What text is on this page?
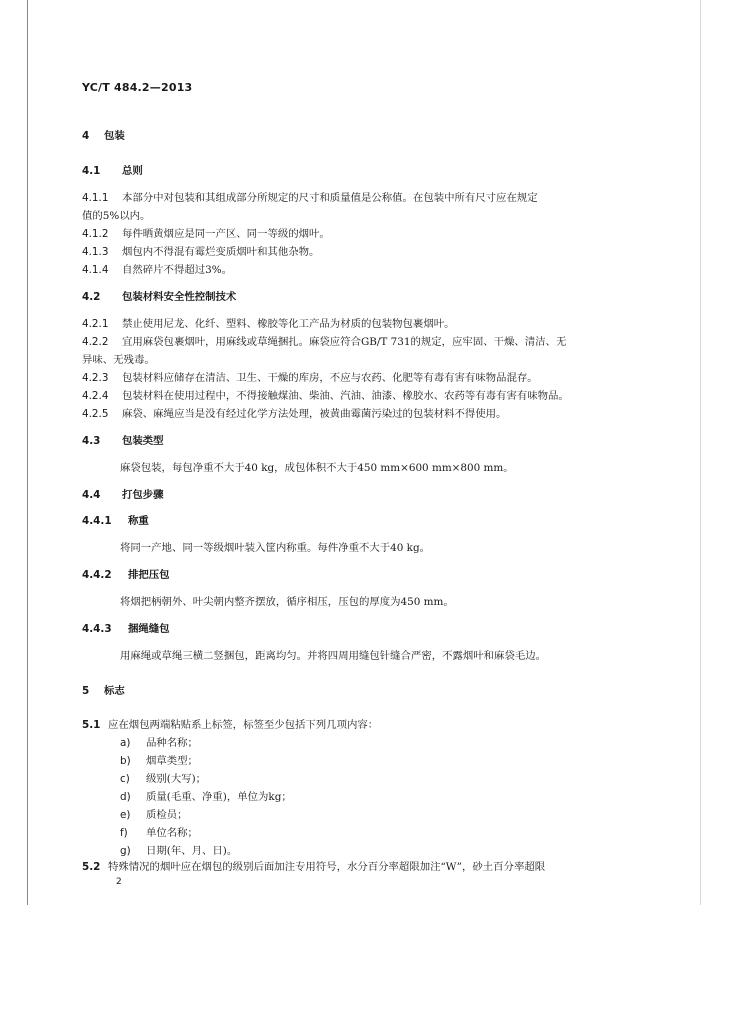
YC/T 484.2—2013
4 包装
4.1 总则
4.1.1 本部分中对包装和其组成部分所规定的尺寸和质量值是公称值。在包装中所有尺寸应在规定
值的5%以内。
4.1.2 每件晒黄烟应是同一产区、同一等级的烟叶。
4.1.3 烟包内不得混有霉烂变质烟叶和其他杂物。
4.1.4 自然碎片不得超过3%。
4.2 包装材料安全性控制技术
4.2.1 禁止使用尼龙、化纤、塑料、橡胶等化工产品为材质的包装物包裹烟叶。
4.2.2 宜用麻袋包裹烟叶，用麻线或草绳捆扎。麻袋应符合GB/T 731的规定，应牢固、干燥、清洁、无
异味、无残毒。
4.2.3 包装材料应储存在清洁、卫生、干燥的库房，不应与农药、化肥等有毒有害有味物品混存。
4.2.4 包装材料在使用过程中，不得接触煤油、柴油、汽油、油漆、橡胶水、农药等有毒有害有味物品。
4.2.5 麻袋、麻绳应当是没有经过化学方法处理，被黄曲霉菌污染过的包装材料不得使用。
4.3 包装类型
麻袋包装，每包净重不大于40 kg，成包体积不大于450 mm×600 mm×800 mm。
4.4 打包步骤
4.4.1 称重
将同一产地、同一等级烟叶装入筐内称重。每件净重不大于40 kg。
4.4.2 排把压包
将烟把柄朝外、叶尖朝内整齐摆放，循序相压，压包的厚度为450 mm。
4.4.3 捆绳缝包
用麻绳或草绳三横二竖捆包，距离均匀。并将四周用缝包针缝合严密，不露烟叶和麻袋毛边。
5 标志
5.1 应在烟包两端粘贴系上标签，标签至少包括下列几项内容：
a) 品种名称；
b) 烟草类型；
c) 级别(大写)；
d) 质量(毛重、净重)，单位为kg；
e) 质检员；
f) 单位名称；
g) 日期(年、月、日)。
5.2 特殊情况的烟叶应在烟包的级别后面加注专用符号，水分百分率超限加注“W”，砂土百分率超限
2
